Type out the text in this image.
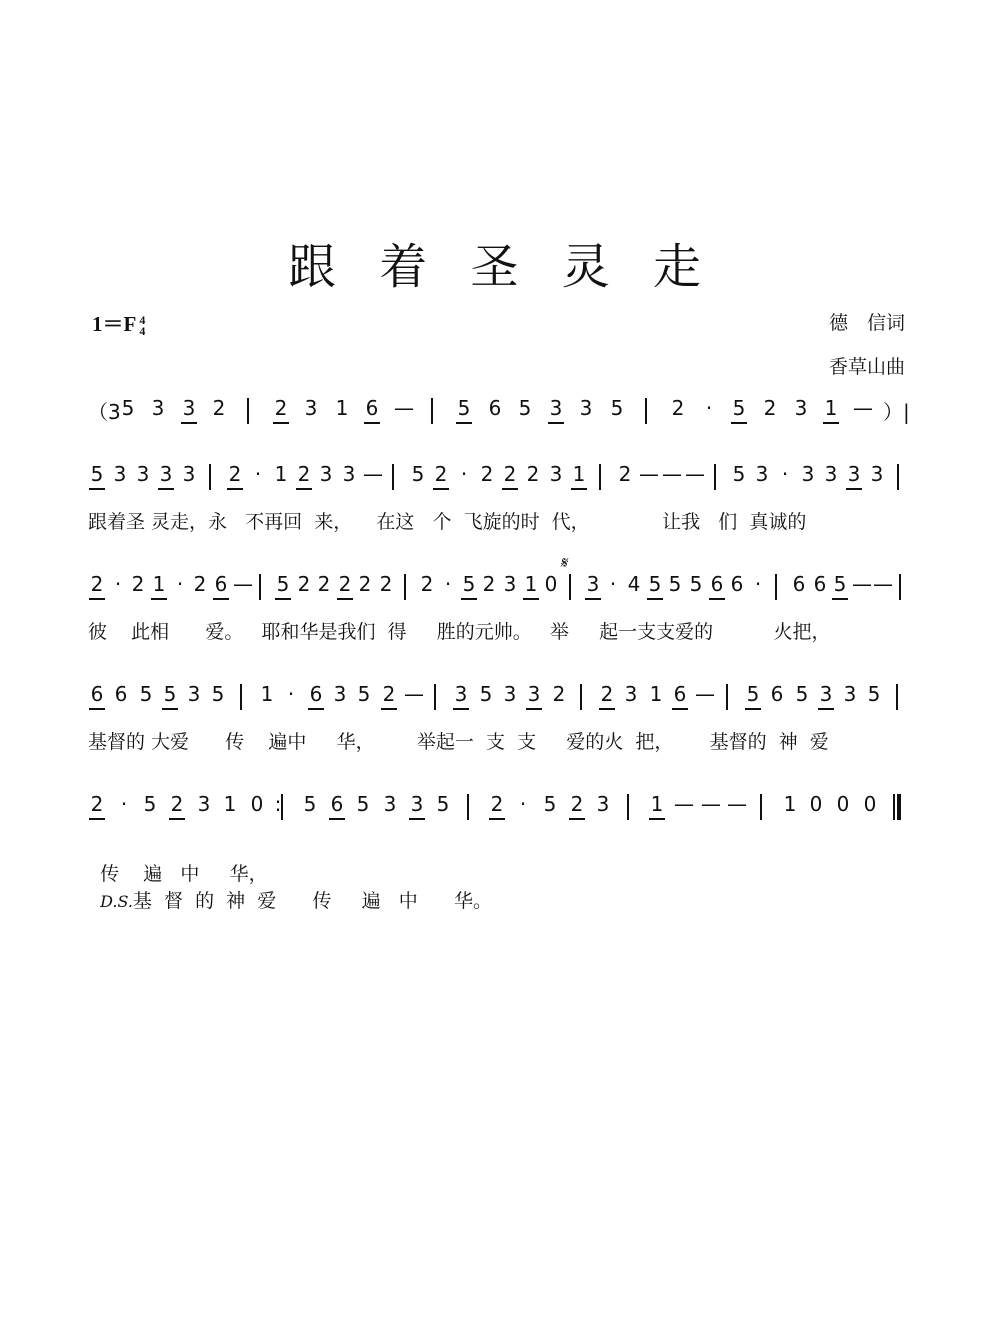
跟 着 圣 灵 走
1＝F 4
4	德　信词
香草山曲
𝄋
（3 5 3 3 2 2 3 1 6 — 5 6 5 3 3 5 2 · 5 2 3 1 — ）|
5 3 3 3 3 2 · 1 2 3 3 — 5 2 · 2 2 2 3 1 2 — — — 5 3 · 3 3 3 3
2 · 2 1 · 2 6 — 5 2 2 2 2 2 2 · 5 2 3 1 0 3 · 4 5 5 5 6 6 · 6 6 5 — —
6 6 5 5 3 5 1 · 6 3 5 2 — 3 5 3 3 2 2 3 1 6 — 5 6 5 3 3 5
2 · 5 2 3 1 0 : 5 6 5 3 3 5 2 · 5 2 3 1 — — — 1 0 0 0
跟着圣 灵走，永   不再回  来，    在这   个  飞旋的时  代，            让我   们  真诚的
彼    此相      爱。   耶和华是我们  得     胜的元帅。   举     起一支支爱的          火把，
基督的 大爱      传    遍中     华，       举起一  支  支     爱的火  把，      基督的  神  爱

传    遍   中     华，
D.S.基  督  的  神  爱      传     遍   中      华。
